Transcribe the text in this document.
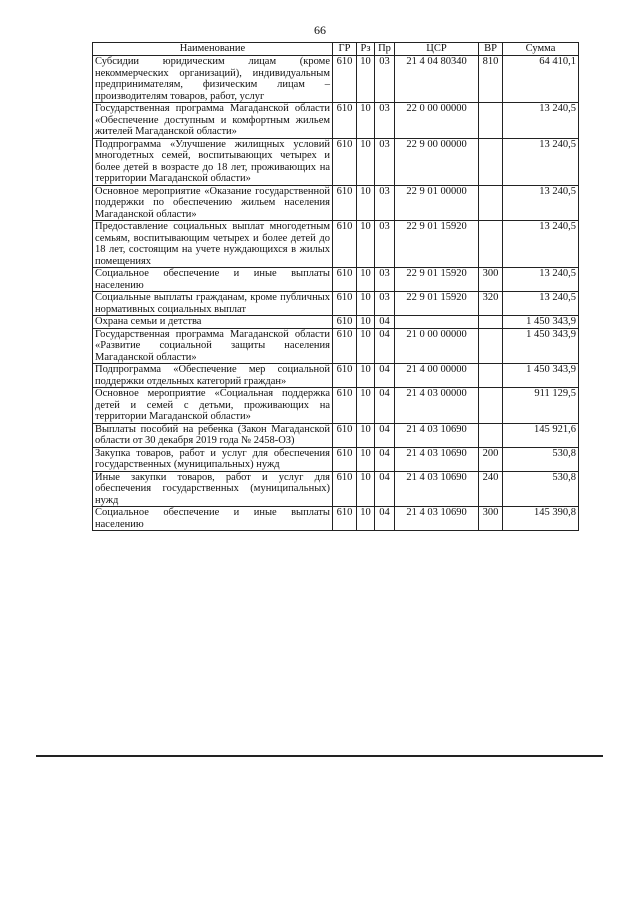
66
Наименование	ГР	Рз	Пр	ЦСР	ВР	Сумма
Субсидии юридическим лицам (кроме некоммерческих организаций), индивидуальным предпринимателям, физическим лицам – производителям товаров, работ, услуг	610	10	03	21 4 04 80340	810	64 410,1
Государственная программа Магаданской области «Обеспечение доступным и комфортным жильем жителей Магаданской области»	610	10	03	22 0 00 00000		13 240,5
Подпрограмма «Улучшение жилищных условий многодетных семей, воспитывающих четырех и более детей в возрасте до 18 лет, проживающих на территории Магаданской области»	610	10	03	22 9 00 00000		13 240,5
Основное мероприятие «Оказание государственной поддержки по обеспечению жильем населения Магаданской области»	610	10	03	22 9 01 00000		13 240,5
Предоставление социальных выплат многодетным семьям, воспитывающим четырех и более детей до 18 лет, состоящим на учете нуждающихся в жилых помещениях	610	10	03	22 9 01 15920		13 240,5
Социальное обеспечение и иные выплаты населению	610	10	03	22 9 01 15920	300	13 240,5
Социальные выплаты гражданам, кроме публичных нормативных социальных выплат	610	10	03	22 9 01 15920	320	13 240,5
Охрана семьи и детства	610	10	04			1 450 343,9
Государственная программа Магаданской области «Развитие социальной защиты населения Магаданской области»	610	10	04	21 0 00 00000		1 450 343,9
Подпрограмма «Обеспечение мер социальной поддержки отдельных категорий граждан»	610	10	04	21 4 00 00000		1 450 343,9
Основное мероприятие «Социальная поддержка детей и семей с детьми, проживающих на территории Магаданской области»	610	10	04	21 4 03 00000		911 129,5
Выплаты пособий на ребенка (Закон Магаданской области от 30 декабря 2019 года № 2458-ОЗ)	610	10	04	21 4 03 10690		145 921,6
Закупка товаров, работ и услуг для обеспечения государственных (муниципальных) нужд	610	10	04	21 4 03 10690	200	530,8
Иные закупки товаров, работ и услуг для обеспечения государственных (муниципальных) нужд	610	10	04	21 4 03 10690	240	530,8
Социальное обеспечение и иные выплаты населению	610	10	04	21 4 03 10690	300	145 390,8
